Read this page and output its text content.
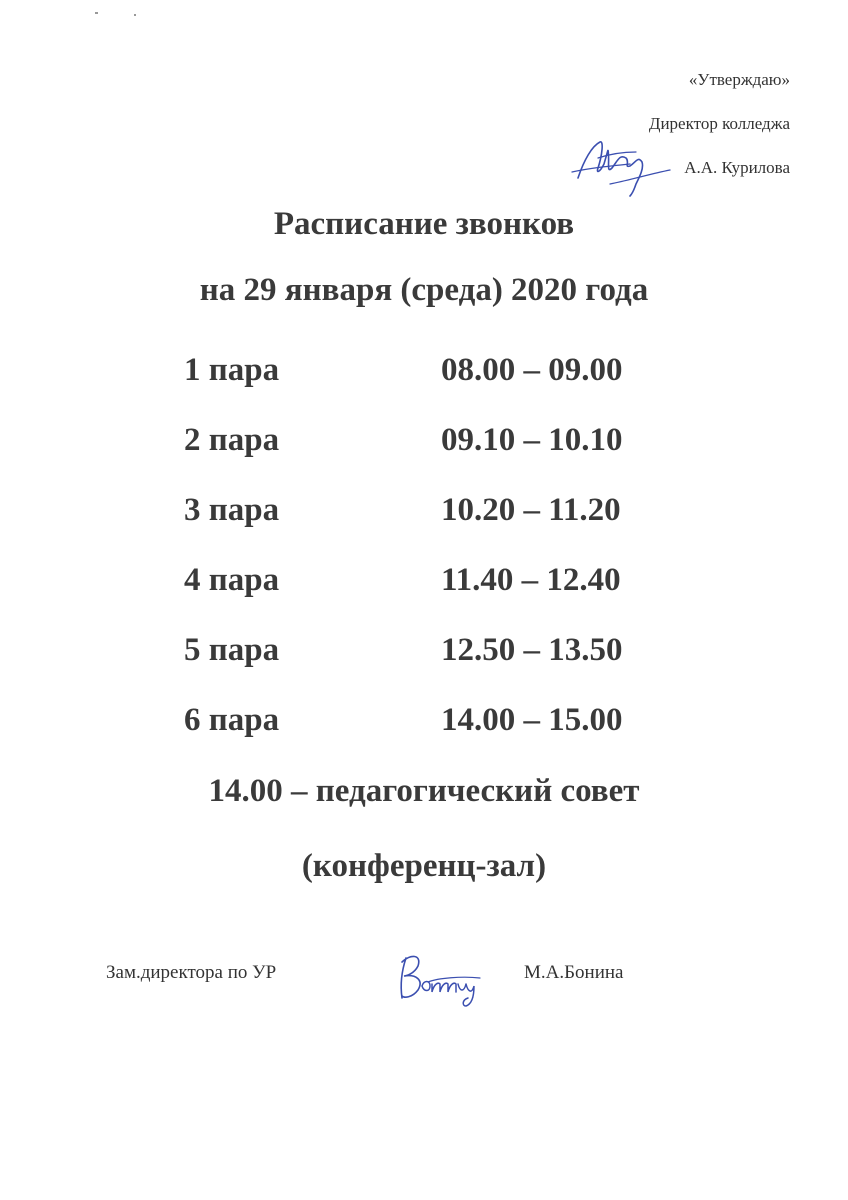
«Утверждаю»
Директор колледжа
А.А. Курилова
Расписание звонков
на 29 января (среда) 2020 года
1 пара	08.00 – 09.00
2 пара	09.10 – 10.10
3 пара	10.20 – 11.20
4 пара	11.40 – 12.40
5 пара	12.50 – 13.50
6 пара	14.00 – 15.00
14.00 – педагогический совет
(конференц-зал)
Зам.директора по УР	М.А.Бонина
